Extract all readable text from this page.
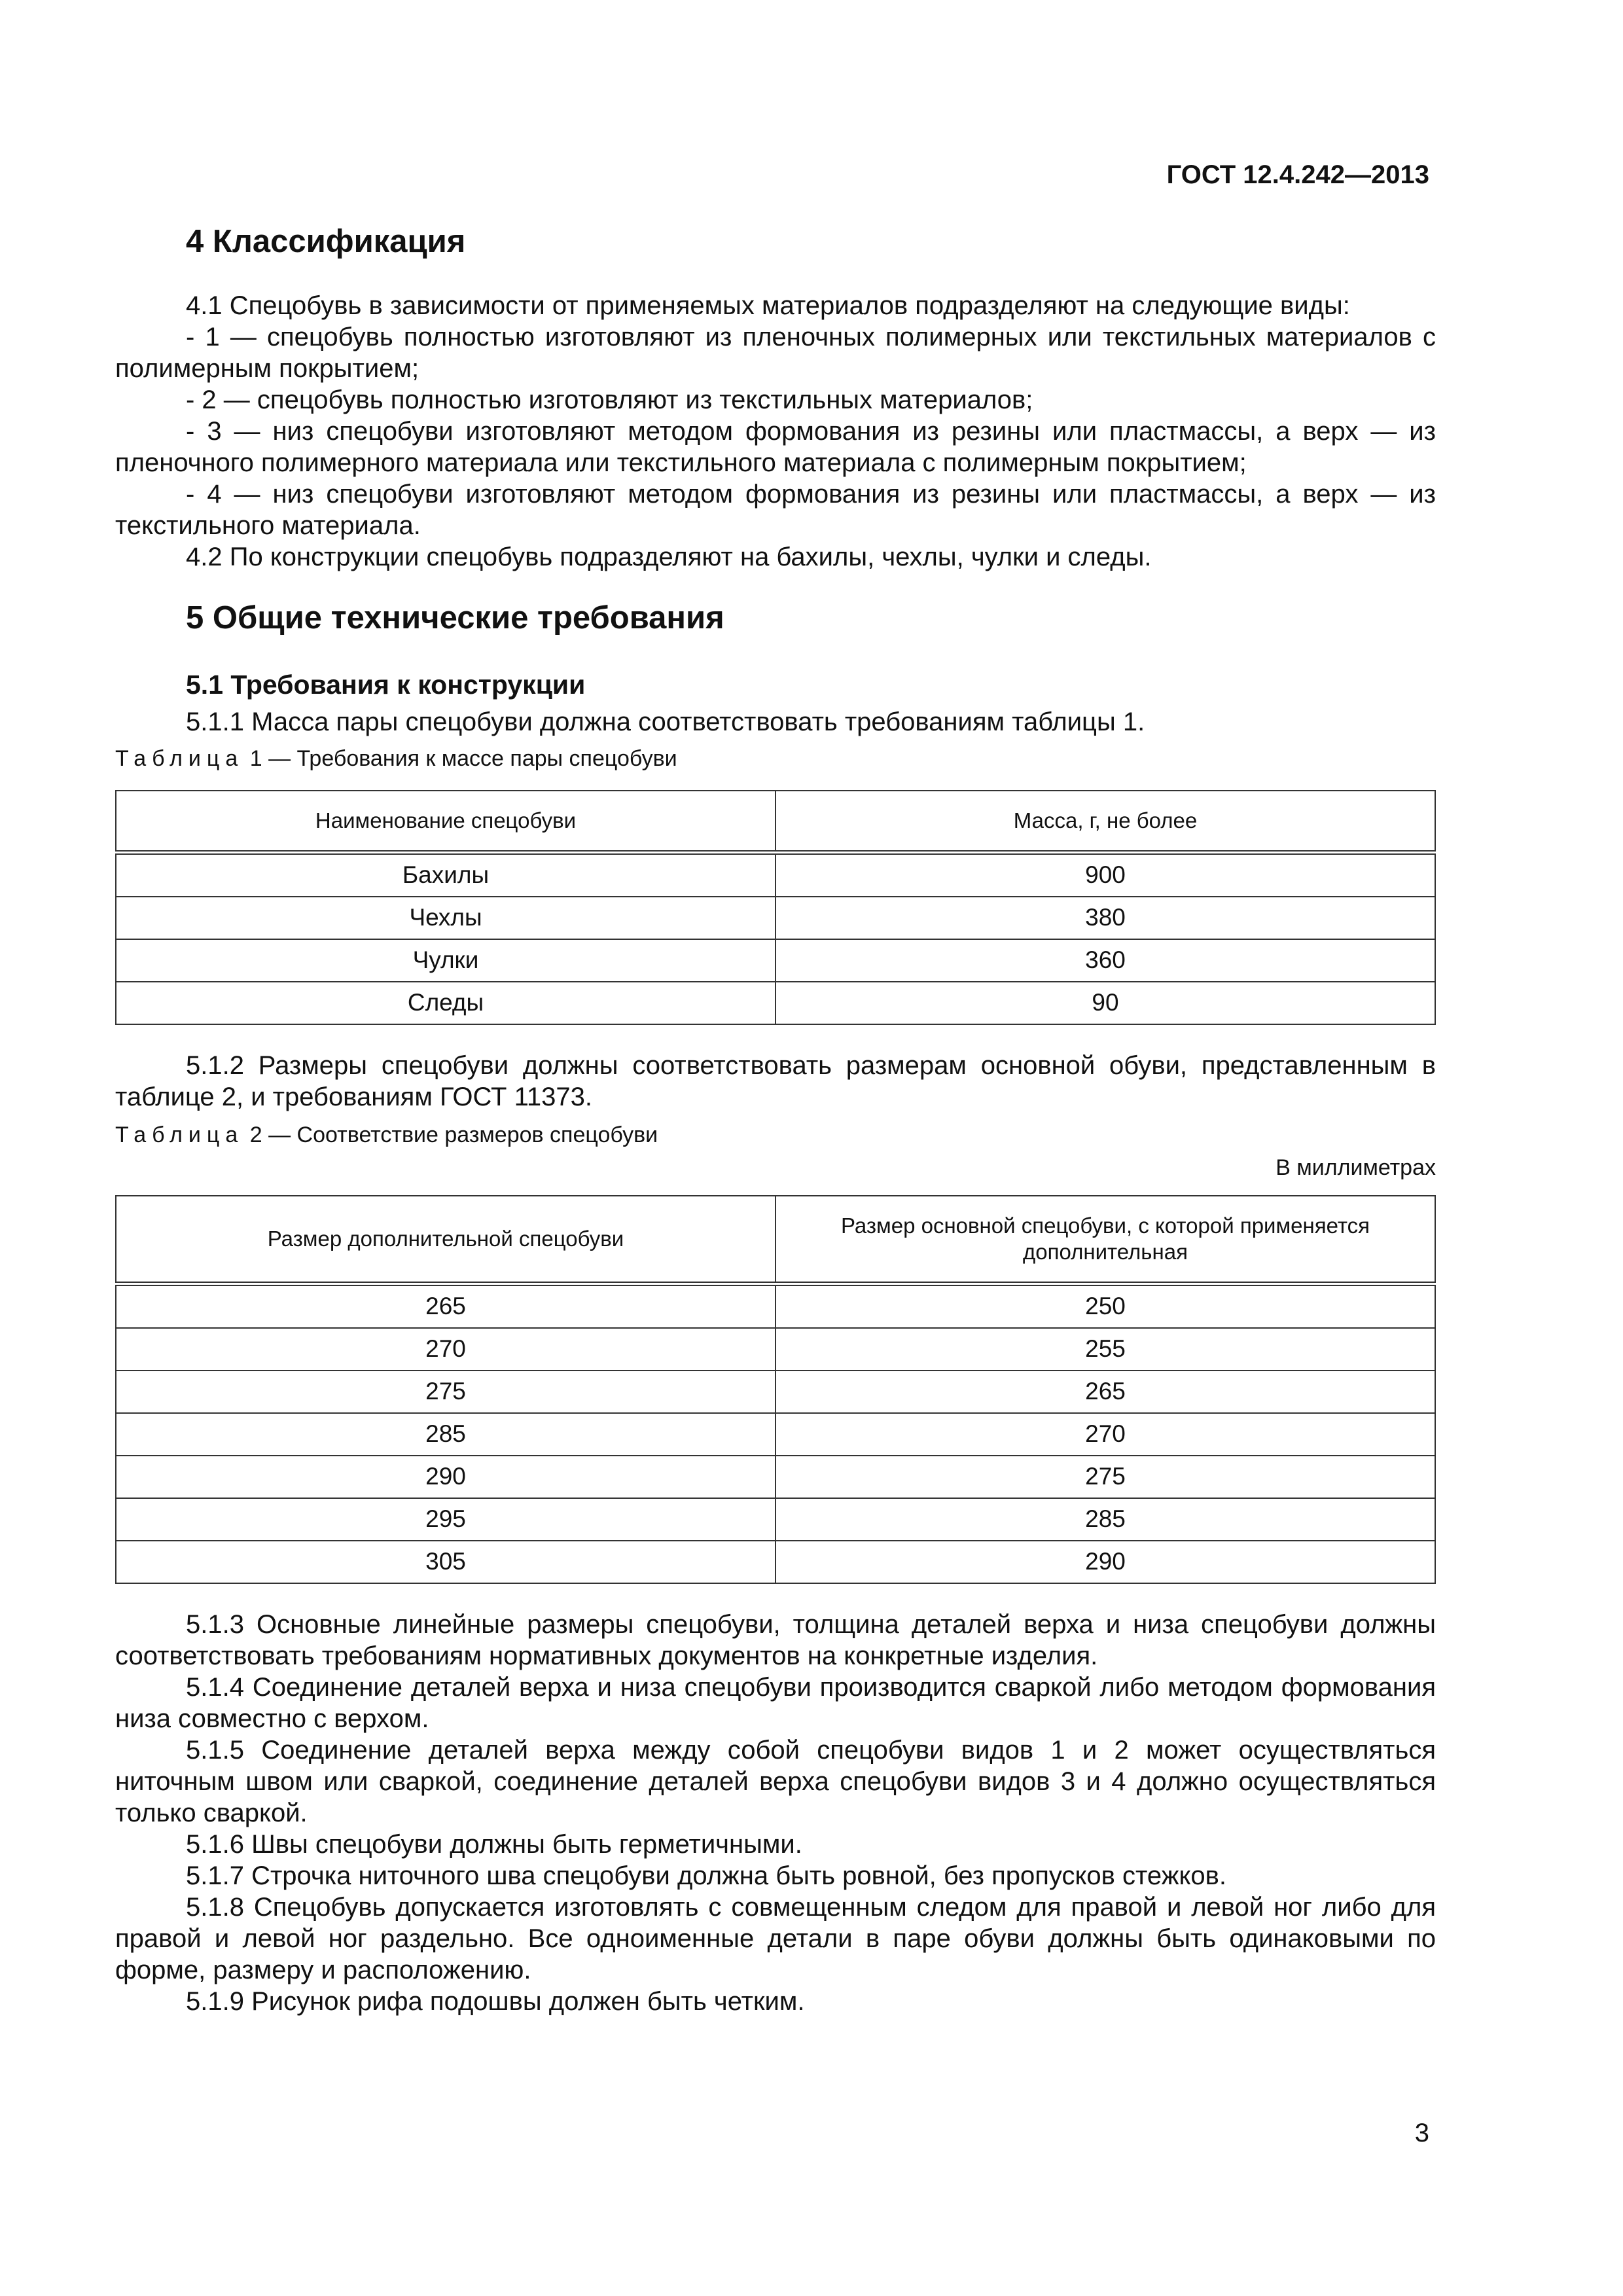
ГОСТ 12.4.242—2013
4 Классификация

4.1 Спецобувь в зависимости от применяемых материалов подразделяют на следующие виды:

- 1 — спецобувь полностью изготовляют из пленочных полимерных или текстильных материалов с полимерным покрытием;

- 2 — спецобувь полностью изготовляют из текстильных материалов;

- 3 — низ спецобуви изготовляют методом формования из резины или пластмассы, а верх — из пленочного полимерного материала или текстильного материала с полимерным покрытием;

- 4 — низ спецобуви изготовляют методом формования из резины или пластмассы, а верх — из текстильного материала.

4.2 По конструкции спецобувь подразделяют на бахилы, чехлы, чулки и следы.

5 Общие технические требования
5.1 Требования к конструкции

5.1.1 Масса пары спецобуви должна соответствовать требованиям таблицы 1.

Таблица 1 — Требования к массе пары спецобуви
Наименование спецобуви	Масса, г, не более
Бахилы	900
Чехлы	380
Чулки	360
Следы	90

5.1.2 Размеры спецобуви должны соответствовать размерам основной обуви, представленным в таблице 2, и требованиям ГОСТ 11373.

Таблица 2 — Соответствие размеров спецобуви
В миллиметрах
Размер дополнительной спецобуви	Размер основной спецобуви, с которой применяется дополнительная
265	250
270	255
275	265
285	270
290	275
295	285
305	290

5.1.3 Основные линейные размеры спецобуви, толщина деталей верха и низа спецобуви должны соответствовать требованиям нормативных документов на конкретные изделия.

5.1.4 Соединение деталей верха и низа спецобуви производится сваркой либо методом формования низа совместно с верхом.

5.1.5 Соединение деталей верха между собой спецобуви видов 1 и 2 может осуществляться ниточным швом или сваркой, соединение деталей верха спецобуви видов 3 и 4 должно осуществляться только сваркой.

5.1.6 Швы спецобуви должны быть герметичными.

5.1.7 Строчка ниточного шва спецобуви должна быть ровной, без пропусков стежков.

5.1.8 Спецобувь допускается изготовлять с совмещенным следом для правой и левой ног либо для правой и левой ног раздельно. Все одноименные детали в паре обуви должны быть одинаковыми по форме, размеру и расположению.

5.1.9 Рисунок рифа подошвы должен быть четким.

3
